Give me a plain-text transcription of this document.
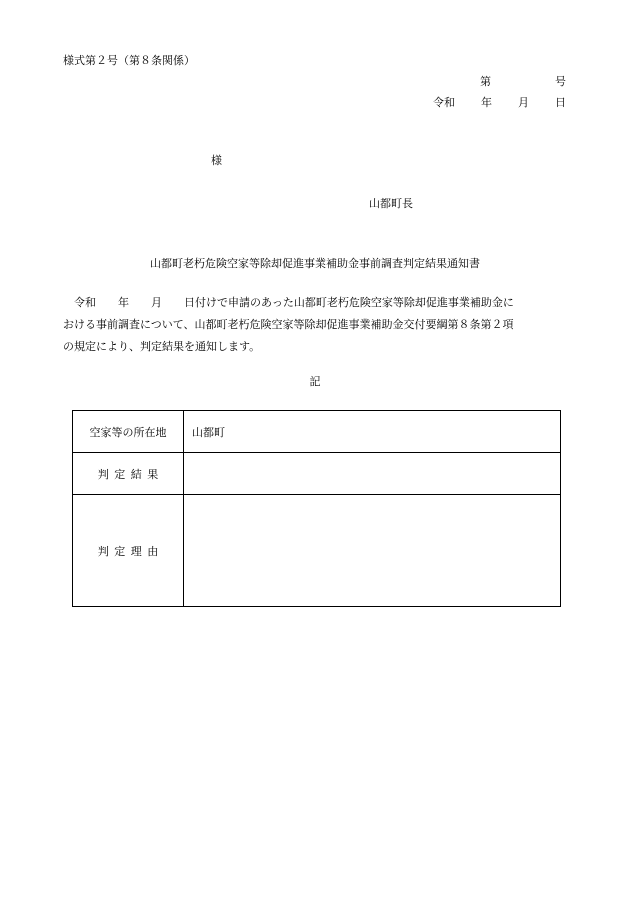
様式第２号（第８条関係）
第	号
令和 年 月 日
様
山都町長
山都町老朽危険空家等除却促進事業補助金事前調査判定結果通知書
　令和　　年　　月　　日付けで申請のあった山都町老朽危険空家等除却促進事業補助金に
おける事前調査について、山都町老朽危険空家等除却促進事業補助金交付要綱第８条第２項
の規定により、判定結果を通知します。
記
空家等の所在地	山都町
判定結果	
判定理由	
